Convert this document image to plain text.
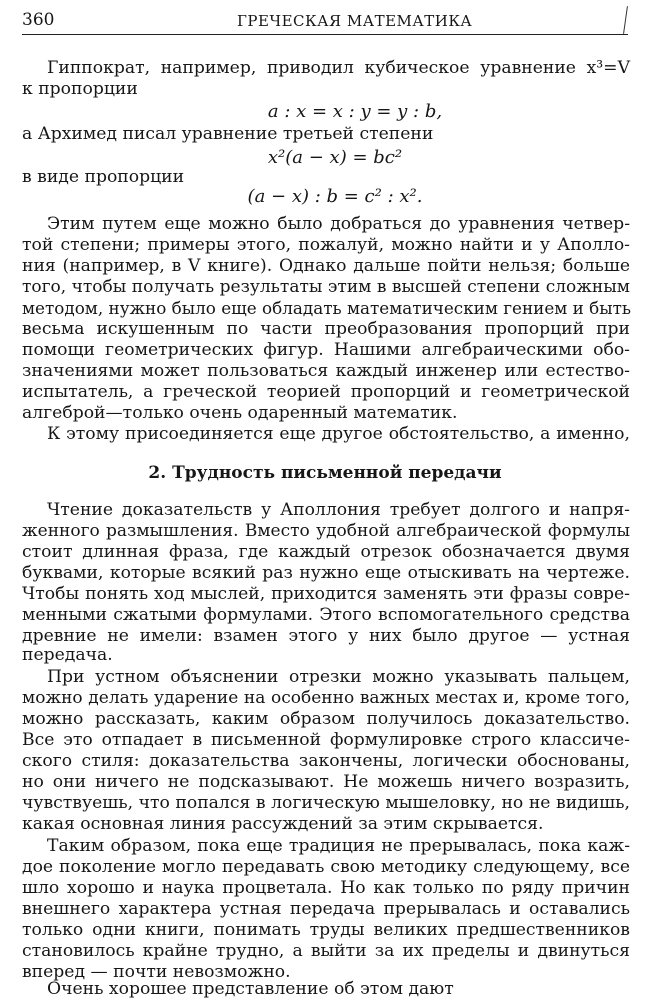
360	ГРЕЧЕСКАЯ МАТЕМАТИКА
Гиппократ, например, приводил кубическое уравнение x³=V
к пропорции
a : x = x : y = y : b,
а Архимед писал уравнение третьей степени
x²(a − x) = bc²
в виде пропорции
(a − x) : b = c² : x².
Этим путем еще можно было добраться до уравнения четвер-
той степени; примеры этого, пожалуй, можно найти и у Аполло-
ния (например, в V книге). Однако дальше пойти нельзя; больше
того, чтобы получать результаты этим в высшей степени сложным
методом, нужно было еще обладать математическим гением и быть
весьма искушенным по части преобразования пропорций при
помощи геометрических фигур. Нашими алгебраическими обо-
значениями может пользоваться каждый инженер или естество-
испытатель, а греческой теорией пропорций и геометрической
алгеброй—только очень одаренный математик.
К этому присоединяется еще другое обстоятельство, а именно,
2. Трудность письменной передачи
Чтение доказательств у Аполлония требует долгого и напря-
женного размышления. Вместо удобной алгебраической формулы
стоит длинная фраза, где каждый отрезок обозначается двумя
буквами, которые всякий раз нужно еще отыскивать на чертеже.
Чтобы понять ход мыслей, приходится заменять эти фразы совре-
менными сжатыми формулами. Этого вспомогательного средства
древние не имели: взамен этого у них было другое — устная
передача.
При устном объяснении отрезки можно указывать пальцем,
можно делать ударение на особенно важных местах и, кроме того,
можно рассказать, каким образом получилось доказательство.
Все это отпадает в письменной формулировке строго классиче-
ского стиля: доказательства закончены, логически обоснованы,
но они ничего не подсказывают. Не можешь ничего возразить,
чувствуешь, что попался в логическую мышеловку, но не видишь,
какая основная линия рассуждений за этим скрывается.
Таким образом, пока еще традиция не прерывалась, пока каж-
дое поколение могло передавать свою методику следующему, все
шло хорошо и наука процветала. Но как только по ряду причин
внешнего характера устная передача прерывалась и оставались
только одни книги, понимать труды великих предшественников
становилось крайне трудно, а выйти за их пределы и двинуться
вперед — почти невозможно.
Очень хорошее представление об этом дают
